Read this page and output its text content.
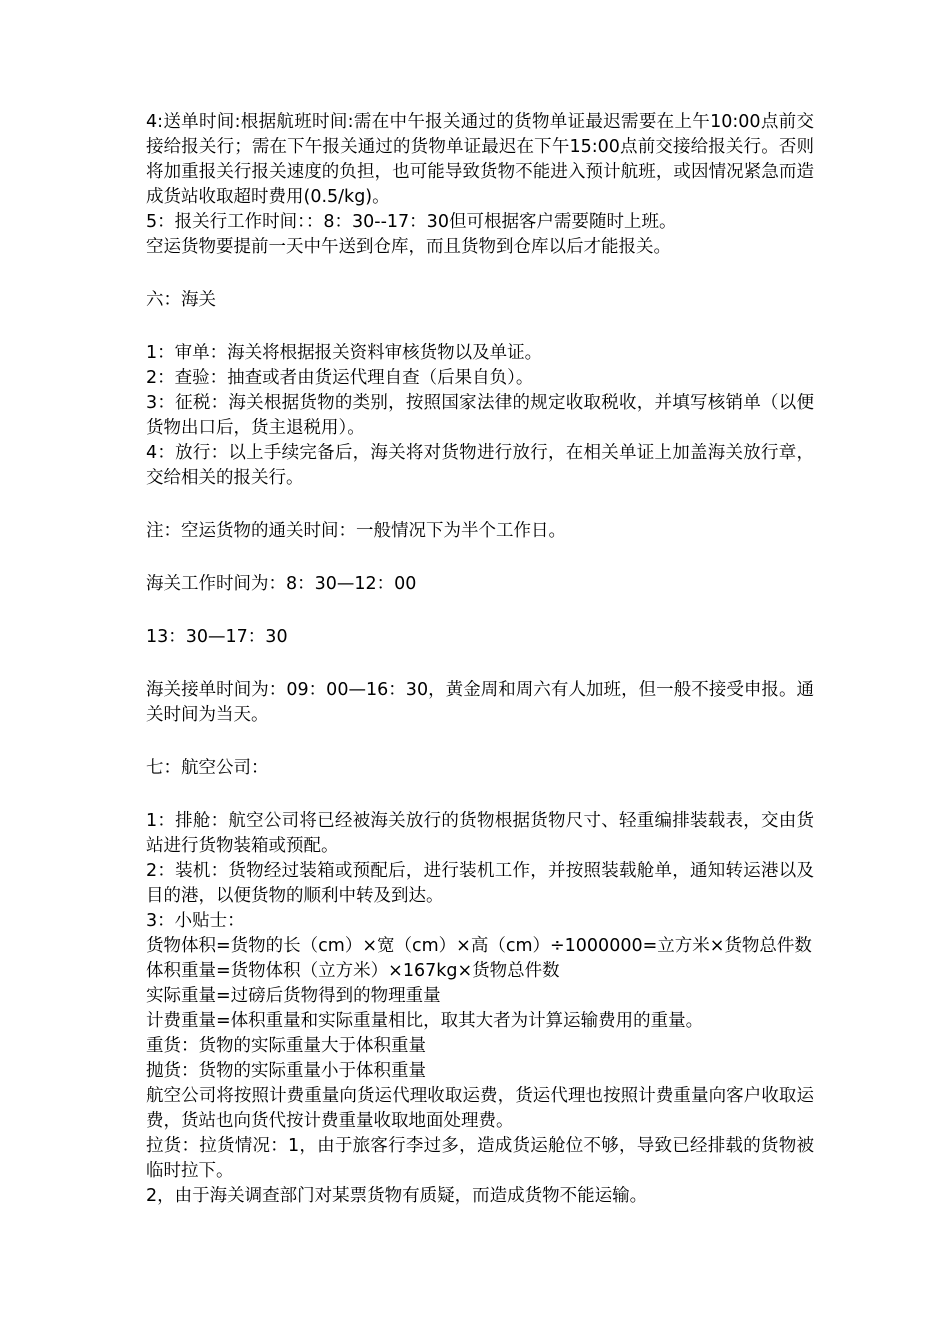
4:送单时间:根据航班时间:需在中午报关通过的货物单证最迟需要在上午10:00点前交接给报关行；需在下午报关通过的货物单证最迟在下午15:00点前交接给报关行。否则将加重报关行报关速度的负担，也可能导致货物不能进入预计航班，或因情况紧急而造成货站收取超时费用(0.5/kg)。

5：报关行工作时间：：8：30--17：30但可根据客户需要随时上班。

空运货物要提前一天中午送到仓库，而且货物到仓库以后才能报关。

六：海关

1：审单：海关将根据报关资料审核货物以及单证。

2：查验：抽查或者由货运代理自查（后果自负）。

3：征税：海关根据货物的类别，按照国家法律的规定收取税收，并填写核销单（以便货物出口后，货主退税用）。

4：放行：以上手续完备后，海关将对货物进行放行，在相关单证上加盖海关放行章，交给相关的报关行。

注：空运货物的通关时间：一般情况下为半个工作日。

海关工作时间为：8：30—12：00

13：30—17：30

海关接单时间为：09：00—16：30，黄金周和周六有人加班，但一般不接受申报。通关时间为当天。

七：航空公司：

1：排舱：航空公司将已经被海关放行的货物根据货物尺寸、轻重编排装载表，交由货站进行货物装箱或预配。

2：装机：货物经过装箱或预配后，进行装机工作，并按照装载舱单，通知转运港以及目的港，以便货物的顺利中转及到达。

3：小贴士：

货物体积=货物的长（cm）×宽（cm）×高（cm）÷1000000=立方米×货物总件数

体积重量=货物体积（立方米）×167kg×货物总件数

实际重量=过磅后货物得到的物理重量

计费重量=体积重量和实际重量相比，取其大者为计算运输费用的重量。

重货：货物的实际重量大于体积重量

抛货：货物的实际重量小于体积重量

航空公司将按照计费重量向货运代理收取运费，货运代理也按照计费重量向客户收取运费，货站也向货代按计费重量收取地面处理费。

拉货：拉货情况：1，由于旅客行李过多，造成货运舱位不够，导致已经排载的货物被临时拉下。

2，由于海关调查部门对某票货物有质疑，而造成货物不能运输。
